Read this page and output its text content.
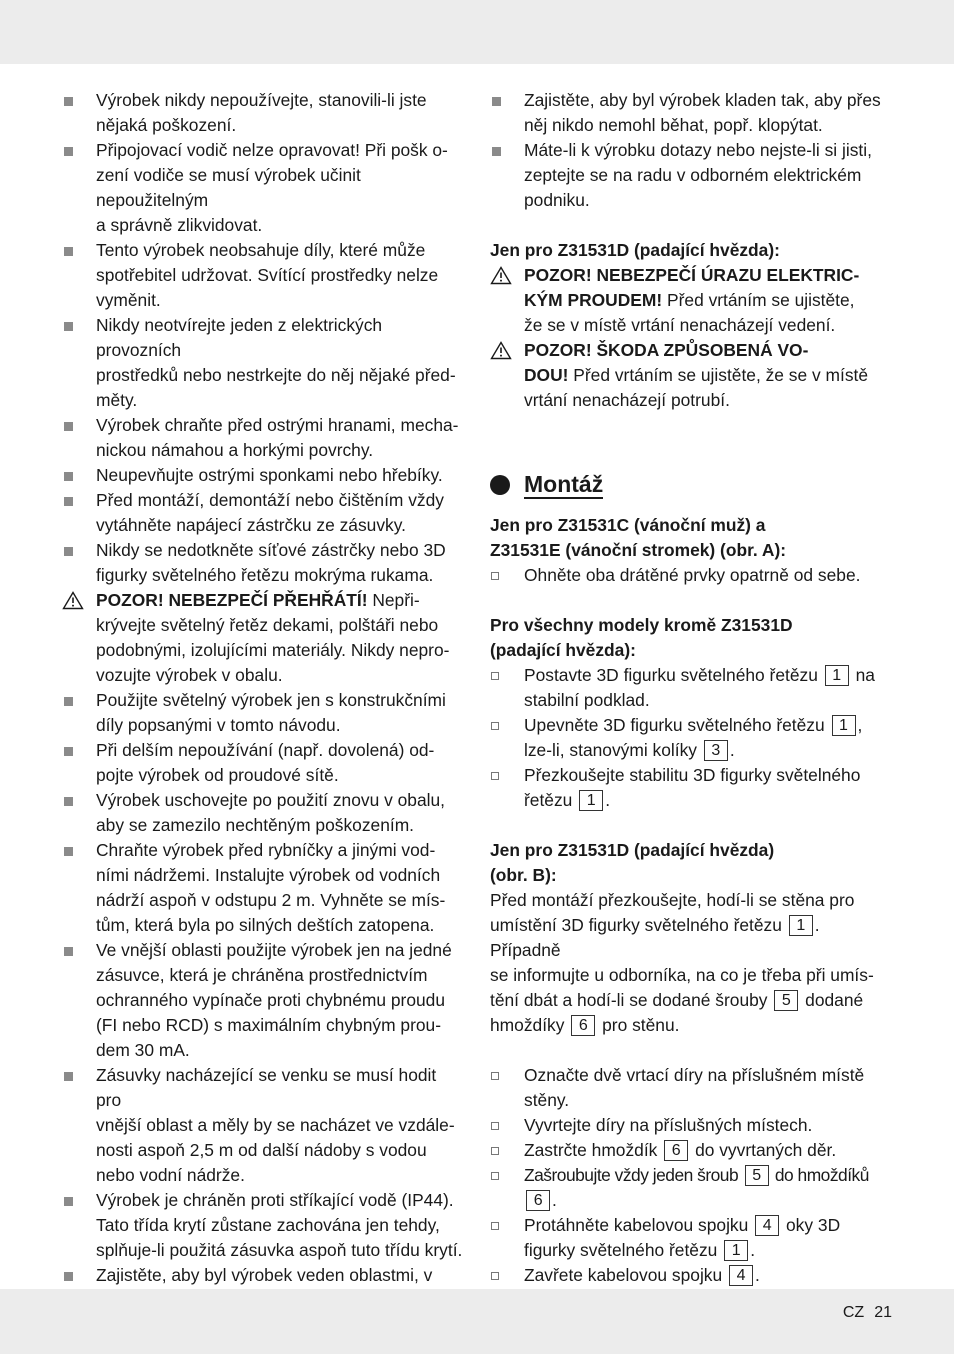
Výrobek nikdy nepoužívejte, stanovili-li jste
nějaká poškození.
Připojovací vodič nelze opravovat! Při pošk o-
zení vodiče se musí výrobek učinit nepoužitelným
a správně zlikvidovat.
Tento výrobek neobsahuje díly, které může
spotřebitel udržovat. Svítící prostředky nelze
vyměnit.
Nikdy neotvírejte jeden z elektrických provozních
prostředků nebo nestrkejte do něj nějaké před-
měty.
Výrobek chraňte před ostrými hranami, mecha-
nickou námahou a horkými povrchy.
Neupevňujte ostrými sponkami nebo hřebíky.
Před montáží, demontáží nebo čištěním vždy
vytáhněte napájecí zástrčku ze zásuvky.
Nikdy se nedotkněte síťové zástrčky nebo 3D
figurky světelného řetězu mokrýma rukama.
POZOR! NEBEZPEČÍ PŘEHŘÁTÍ! Nepři-
krývejte světelný řetěz dekami, polštáři nebo
podobnými, izolujícími materiály. Nikdy nepro-
vozujte výrobek v obalu.
Použijte světelný výrobek jen s konstrukčními
díly popsanými v tomto návodu.
Při delším nepoužívání (např. dovolená) od-
pojte výrobek od proudové sítě.
Výrobek uschovejte po použití znovu v obalu,
aby se zamezilo nechtěným poškozením.
Chraňte výrobek před rybníčky a jinými vod-
ními nádržemi. Instalujte výrobek od vodních
nádrží aspoň v odstupu 2 m. Vyhněte se mís-
tům, která byla po silných deštích zatopena.
Ve vnější oblasti použijte výrobek jen na jedné
zásuvce, která je chráněna prostřednictvím
ochranného vypínače proti chybnému proudu
(FI nebo RCD) s maximálním chybným prou-
dem 30 mA.
Zásuvky nacházející se venku se musí hodit pro
vnější oblast a měly by se nacházet ve vzdále-
nosti aspoň 2,5 m od další nádoby s vodou
nebo vodní nádrže.
Výrobek je chráněn proti stříkající vodě (IP44).
Tato třída krytí zůstane zachována jen tehdy,
splňuje-li použitá zásuvka aspoň tuto třídu krytí.
Zajistěte, aby byl výrobek veden oblastmi, v
Zajistěte, aby byl výrobek kladen tak, aby přes
něj nikdo nemohl běhat, popř. klopýtat.
Máte-li k výrobku dotazy nebo nejste-li si jisti,
zeptejte se na radu v odborném elektrickém
podniku.
Jen pro Z31531D (padající hvězda):
POZOR! NEBEZPEČÍ ÚRAZU ELEKTRIC-
KÝM PROUDEM! Před vrtáním se ujistěte,
že se v místě vrtání nenacházejí vedení.
POZOR! ŠKODA ZPŮSOBENÁ VO-
DOU! Před vrtáním se ujistěte, že se v místě
vrtání nenacházejí potrubí.
Montáž
Jen pro Z31531C (vánoční muž) a
Z31531E (vánoční stromek) (obr. A):
Ohněte oba drátěné prvky opatrně od sebe.
Pro všechny modely kromě Z31531D
(padající hvězda):
Postavte 3D figurku světelného řetězu 1 na
stabilní podklad.
Upevněte 3D figurku světelného řetězu 1 ,
lze-li, stanovými kolíky 3 .
Přezkoušejte stabilitu 3D figurky světelného
řetězu 1 .
Jen pro Z31531D (padající hvězda)
(obr. B):
Před montáží přezkoušejte, hodí-li se stěna pro
umístění 3D figurky světelného řetězu 1 . Případně
se informujte u odborníka, na co je třeba při umís-
tění dbát a hodí-li se dodané šrouby 5 dodané
hmoždíky 6 pro stěnu.
Označte dvě vrtací díry na příslušném místě
stěny.
Vyvrtejte díry na příslušných místech.
Zastrčte hmoždík 6 do vyvrtaných děr.
Zašroubujte vždy jeden šroub 5 do hmoždíků 6 .
Protáhněte kabelovou spojku 4 oky 3D
figurky světelného řetězu 1 .
Zavřete kabelovou spojku 4 .
CZ 21
